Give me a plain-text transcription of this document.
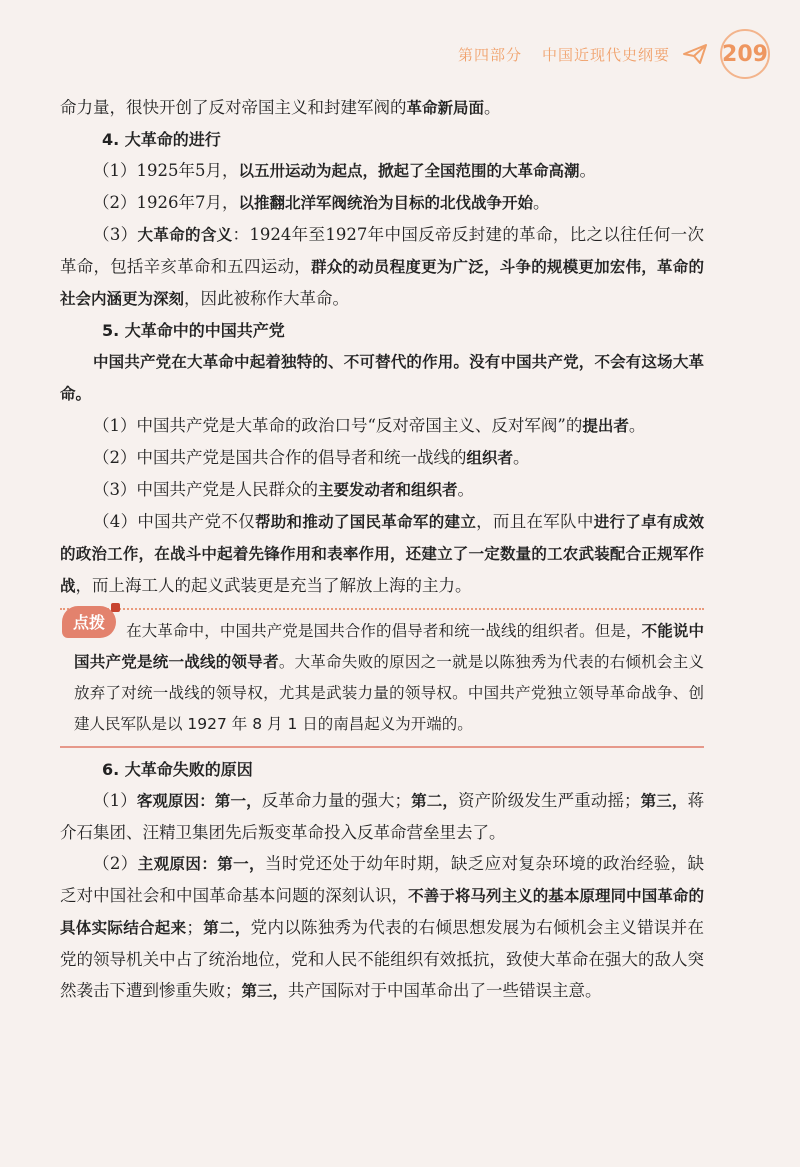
第四部分 中国近现代史纲要 209

命力量，很快开创了反对帝国主义和封建军阀的革命新局面。

4. 大革命的进行

（1）1925年5月，以五卅运动为起点，掀起了全国范围的大革命高潮。

（2）1926年7月，以推翻北洋军阀统治为目标的北伐战争开始。

（3）大革命的含义：1924年至1927年中国反帝反封建的革命，比之以往任何一次革命，包括辛亥革命和五四运动，群众的动员程度更为广泛，斗争的规模更加宏伟，革命的社会内涵更为深刻，因此被称作大革命。

5. 大革命中的中国共产党

中国共产党在大革命中起着独特的、不可替代的作用。没有中国共产党，不会有这场大革命。

（1）中国共产党是大革命的政治口号“反对帝国主义、反对军阀”的提出者。

（2）中国共产党是国共合作的倡导者和统一战线的组织者。

（3）中国共产党是人民群众的主要发动者和组织者。

（4）中国共产党不仅帮助和推动了国民革命军的建立，而且在军队中进行了卓有成效的政治工作，在战斗中起着先锋作用和表率作用，还建立了一定数量的工农武装配合正规军作战，而上海工人的起义武装更是充当了解放上海的主力。

点拨	在大革命中，中国共产党是国共合作的倡导者和统一战线的组织者。但是，不能说中国共产党是统一战线的领导者。大革命失败的原因之一就是以陈独秀为代表的右倾机会主义放弃了对统一战线的领导权，尤其是武装力量的领导权。中国共产党独立领导革命战争、创建人民军队是以 1927 年 8 月 1 日的南昌起义为开端的。

6. 大革命失败的原因

（1）客观原因：第一，反革命力量的强大；第二，资产阶级发生严重动摇；第三，蒋介石集团、汪精卫集团先后叛变革命投入反革命营垒里去了。

（2）主观原因：第一，当时党还处于幼年时期，缺乏应对复杂环境的政治经验，缺乏对中国社会和中国革命基本问题的深刻认识，不善于将马列主义的基本原理同中国革命的具体实际结合起来；第二，党内以陈独秀为代表的右倾思想发展为右倾机会主义错误并在党的领导机关中占了统治地位，党和人民不能组织有效抵抗，致使大革命在强大的敌人突然袭击下遭到惨重失败；第三，共产国际对于中国革命出了一些错误主意。
